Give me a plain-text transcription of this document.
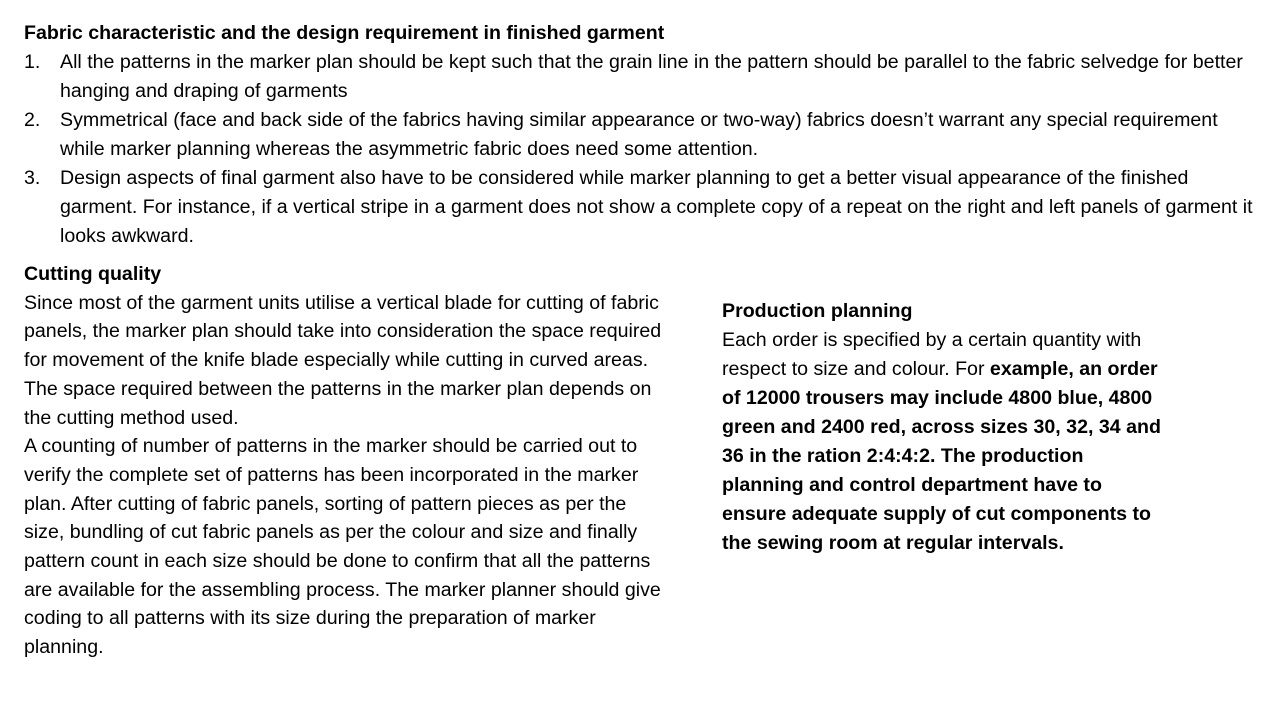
Fabric characteristic and the design requirement in finished garment

1. All the patterns in the marker plan should be kept such that the grain line in the pattern should be parallel to the fabric selvedge for better hanging and draping of garments
2. Symmetrical (face and back side of the fabrics having similar appearance or two-way) fabrics doesn’t warrant any special requirement while marker planning whereas the asymmetric fabric does need some attention.
3. Design aspects of final garment also have to be considered while marker planning to get a better visual appearance of the finished garment. For instance, if a vertical stripe in a garment does not show a complete copy of a repeat on the right and left panels of garment it looks awkward.

Cutting quality

Since most of the garment units utilise a vertical blade for cutting of fabric panels, the marker plan should take into consideration the space required for movement of the knife blade especially while cutting in curved areas. The space required between the patterns in the marker plan depends on the cutting method used.

A counting of number of patterns in the marker should be carried out to verify the complete set of patterns has been incorporated in the marker plan. After cutting of fabric panels, sorting of pattern pieces as per the size, bundling of cut fabric panels as per the colour and size and finally pattern count in each size should be done to confirm that all the patterns are available for the assembling process. The marker planner should give coding to all patterns with its size during the preparation of marker planning.

Production planning

Each order is specified by a certain quantity with respect to size and colour. For example, an order of 12000 trousers may include 4800 blue, 4800 green and 2400 red, across sizes 30, 32, 34 and 36 in the ration 2:4:4:2. The production planning and control department have to ensure adequate supply of cut components to the sewing room at regular intervals.
